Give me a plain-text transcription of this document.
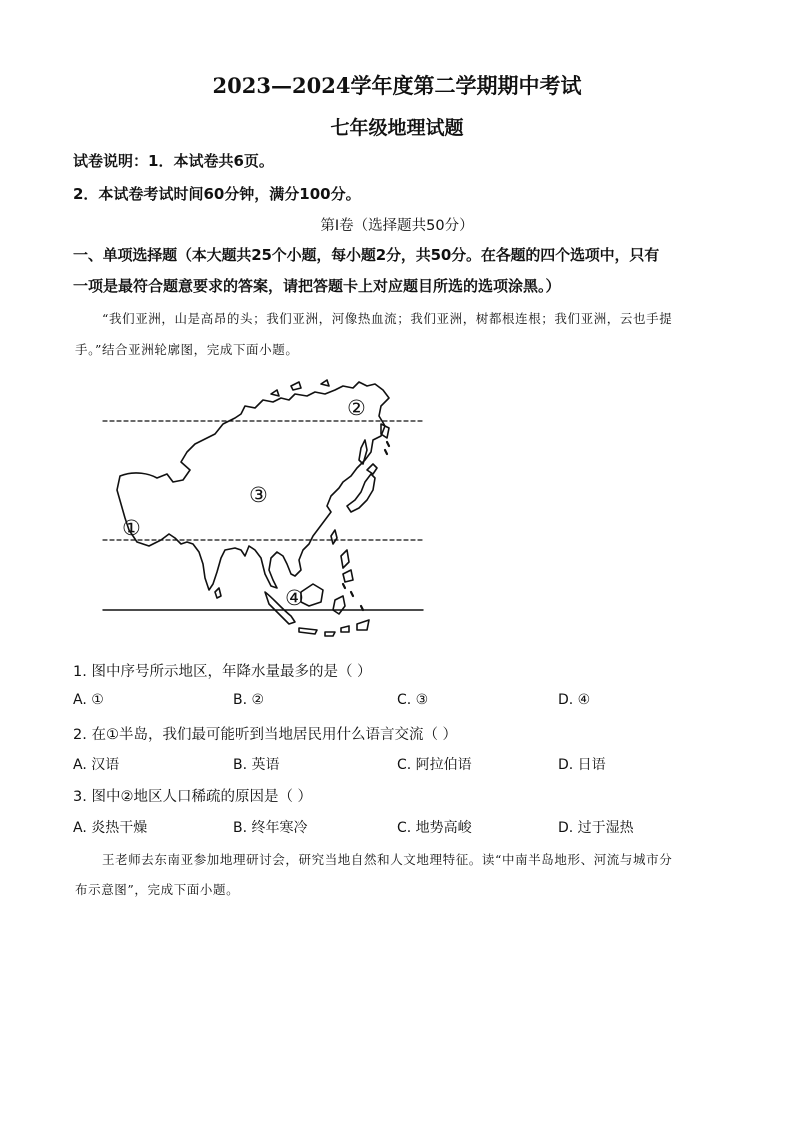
2023—2024学年度第二学期期中考试
七年级地理试题
试卷说明：1．本试卷共6页。
2．本试卷考试时间60分钟，满分100分。
第Ⅰ卷（选择题共50分）
一、单项选择题（本大题共25个小题，每小题2分，共50分。在各题的四个选项中，只有
一项是最符合题意要求的答案，请把答题卡上对应题目所选的选项涂黑。）
“我们亚洲，山是高昂的头；我们亚洲，河像热血流；我们亚洲，树都根连根；我们亚洲，云也手提
手。”结合亚洲轮廓图，完成下面小题。
①
②
③
④
1. 图中序号所示地区，年降水量最多的是（ ）
A. ①	B. ②	C. ③	D. ④
2. 在①半岛，我们最可能听到当地居民用什么语言交流（ ）
A. 汉语	B. 英语	C. 阿拉伯语	D. 日语
3. 图中②地区人口稀疏的原因是（ ）
A. 炎热干燥	B. 终年寒冷	C. 地势高峻	D. 过于湿热
王老师去东南亚参加地理研讨会，研究当地自然和人文地理特征。读“中南半岛地形、河流与城市分
布示意图”，完成下面小题。
